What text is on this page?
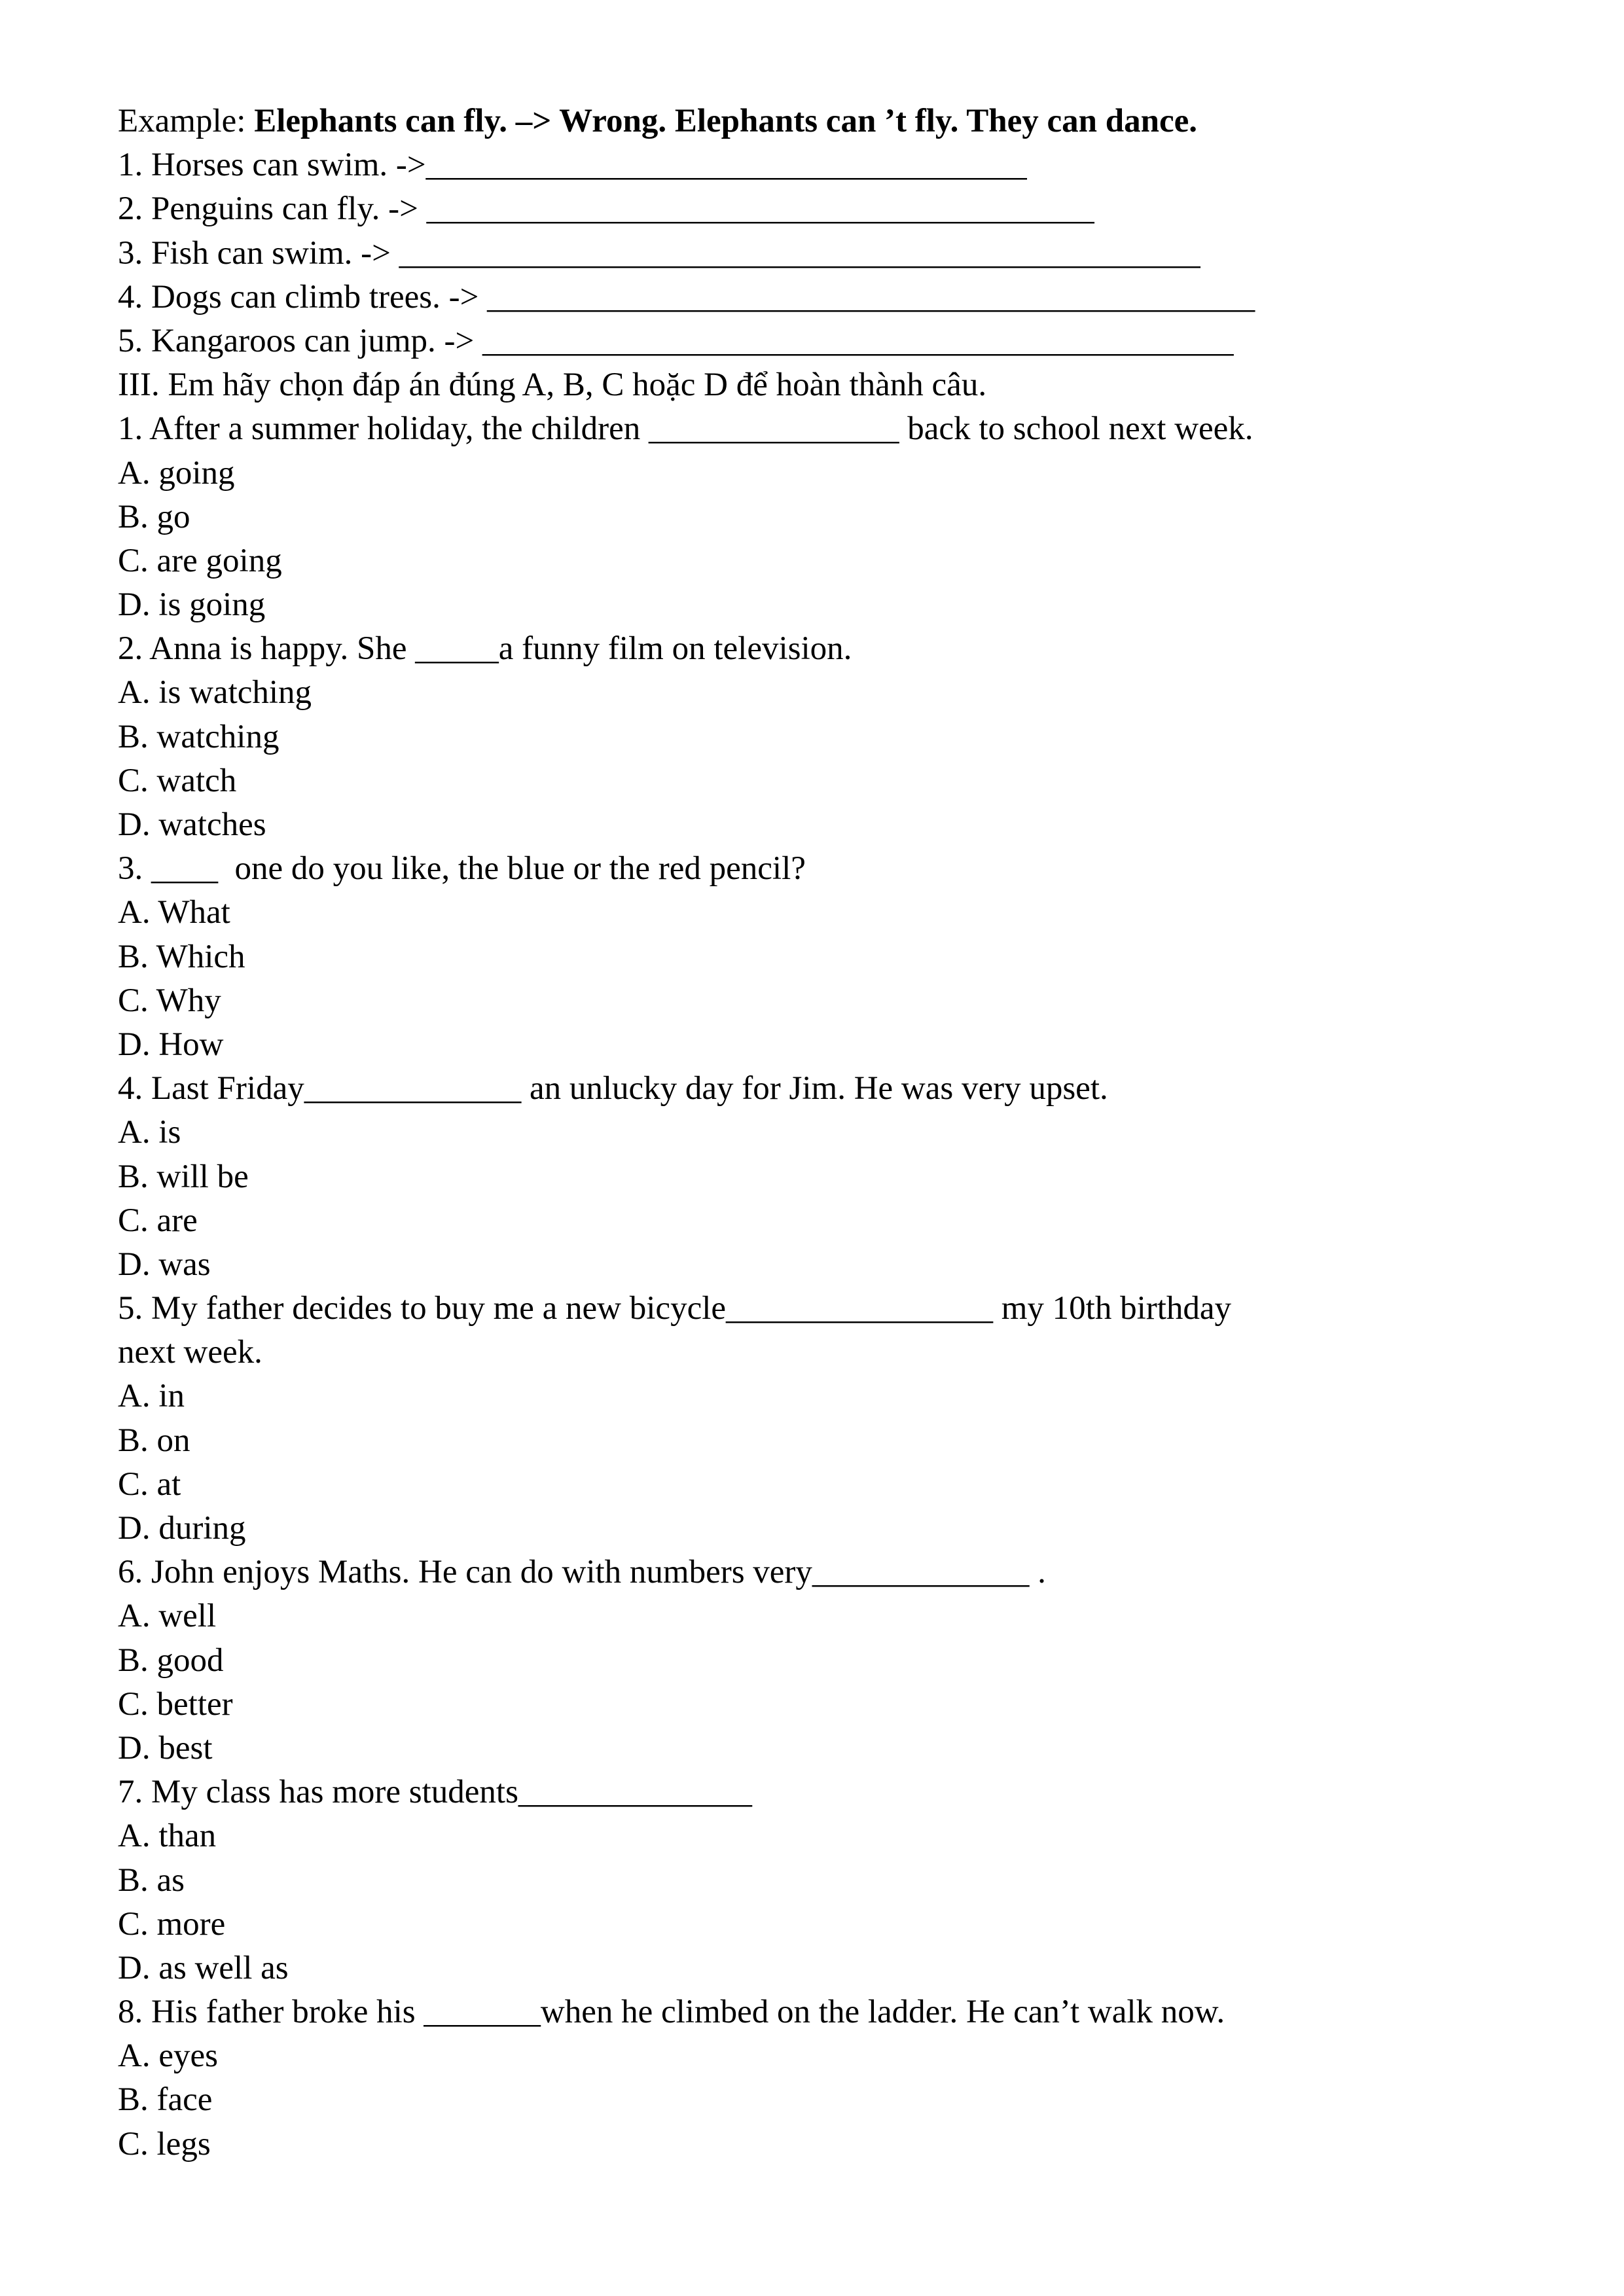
Example: Elephants can fly. –> Wrong. Elephants can ’t fly. They can dance.
1. Horses can swim. ->____________________________________
2. Penguins can fly. -> ________________________________________
3. Fish can swim. -> ________________________________________________
4. Dogs can climb trees. -> ______________________________________________
5. Kangaroos can jump. -> _____________________________________________
III. Em hãy chọn đáp án đúng A, B, C hoặc D để hoàn thành câu.
1. After a summer holiday, the children _______________ back to school next week.
A. going
B. go
C. are going
D. is going
2. Anna is happy. She _____a funny film on television.
A. is watching
B. watching
C. watch
D. watches
3. ____  one do you like, the blue or the red pencil?
A. What
B. Which
C. Why
D. How
4. Last Friday_____________ an unlucky day for Jim. He was very upset.
A. is
B. will be
C. are
D. was
5. My father decides to buy me a new bicycle________________ my 10th birthday next week.
A. in
B. on
C. at
D. during
6. John enjoys Maths. He can do with numbers very_____________ .
A. well
B. good
C. better
D. best
7. My class has more students______________
A. than
B. as
C. more
D. as well as
8. His father broke his _______when he climbed on the ladder. He can’t walk now.
A. eyes
B. face
C. legs
